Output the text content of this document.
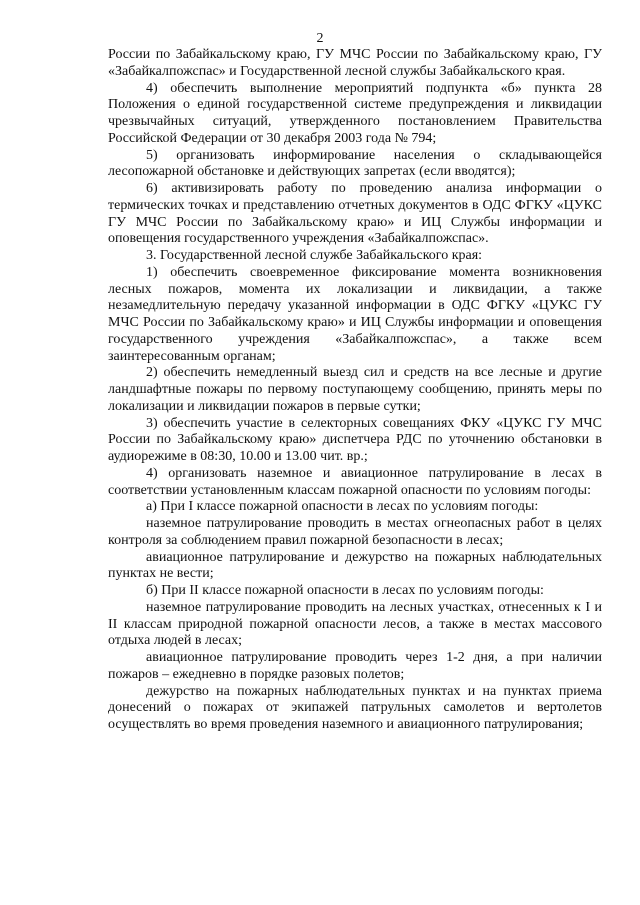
2

России по Забайкальскому краю, ГУ МЧС России по Забайкальскому краю, ГУ «Забайкалпожспас» и Государственной лесной службы Забайкальского края.

4) обеспечить выполнение мероприятий подпункта «б» пункта 28 Положения о единой государственной системе предупреждения и ликвидации чрезвычайных ситуаций, утвержденного постановлением Правительства Российской Федерации от 30 декабря 2003 года № 794;

5) организовать информирование населения о складывающейся лесопожарной обстановке и действующих запретах (если вводятся);

6) активизировать работу по проведению анализа информации о термических точках и представлению отчетных документов в ОДС ФГКУ «ЦУКС ГУ МЧС России по Забайкальскому краю» и ИЦ Службы информации и оповещения государственного учреждения «Забайкалпожспас».

3. Государственной лесной службе Забайкальского края:

1) обеспечить своевременное фиксирование момента возникновения лесных пожаров, момента их локализации и ликвидации, а также незамедлительную передачу указанной информации в ОДС ФГКУ «ЦУКС ГУ МЧС России по Забайкальскому краю» и ИЦ Службы информации и оповещения государственного учреждения «Забайкалпожспас», а также всем заинтересованным органам;

2) обеспечить немедленный выезд сил и средств на все лесные и другие ландшафтные пожары по первому поступающему сообщению, принять меры по локализации и ликвидации пожаров в первые сутки;

3) обеспечить участие в селекторных совещаниях ФКУ «ЦУКС ГУ МЧС России по Забайкальскому краю» диспетчера РДС по уточнению обстановки в аудиорежиме в 08:30, 10.00 и 13.00 чит. вр.;

4) организовать наземное и авиационное патрулирование в лесах в соответствии установленным классам пожарной опасности по условиям погоды:

а) При I классе пожарной опасности в лесах по условиям погоды:

наземное патрулирование проводить в местах огнеопасных работ в целях контроля за соблюдением правил пожарной безопасности в лесах;

авиационное патрулирование и дежурство на пожарных наблюдательных пунктах не вести;

б) При II классе пожарной опасности в лесах по условиям погоды:

наземное патрулирование проводить на лесных участках, отнесенных к I и II классам природной пожарной опасности лесов, а также в местах массового отдыха людей в лесах;

авиационное патрулирование проводить через 1-2 дня, а при наличии пожаров – ежедневно в порядке разовых полетов;

дежурство на пожарных наблюдательных пунктах и на пунктах приема донесений о пожарах от экипажей патрульных самолетов и вертолетов осуществлять во время проведения наземного и авиационного патрулирования;
